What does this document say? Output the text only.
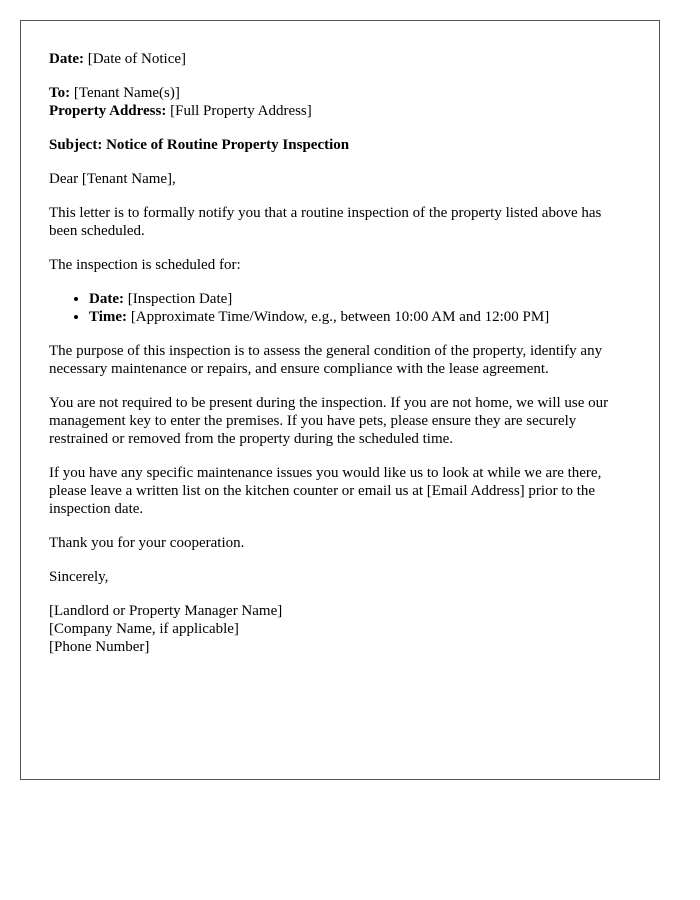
Date: [Date of Notice]

To: [Tenant Name(s)]

Property Address: [Full Property Address]

Subject: Notice of Routine Property Inspection

Dear [Tenant Name],

This letter is to formally notify you that a routine inspection of the property listed above has been scheduled.

The inspection is scheduled for:

• Date: [Inspection Date]
• Time: [Approximate Time/Window, e.g., between 10:00 AM and 12:00 PM]

The purpose of this inspection is to assess the general condition of the property, identify any necessary maintenance or repairs, and ensure compliance with the lease agreement.

You are not required to be present during the inspection. If you are not home, we will use our management key to enter the premises. If you have pets, please ensure they are securely restrained or removed from the property during the scheduled time.

If you have any specific maintenance issues you would like us to look at while we are there, please leave a written list on the kitchen counter or email us at [Email Address] prior to the inspection date.

Thank you for your cooperation.

Sincerely,

[Landlord or Property Manager Name]

[Company Name, if applicable]

[Phone Number]
